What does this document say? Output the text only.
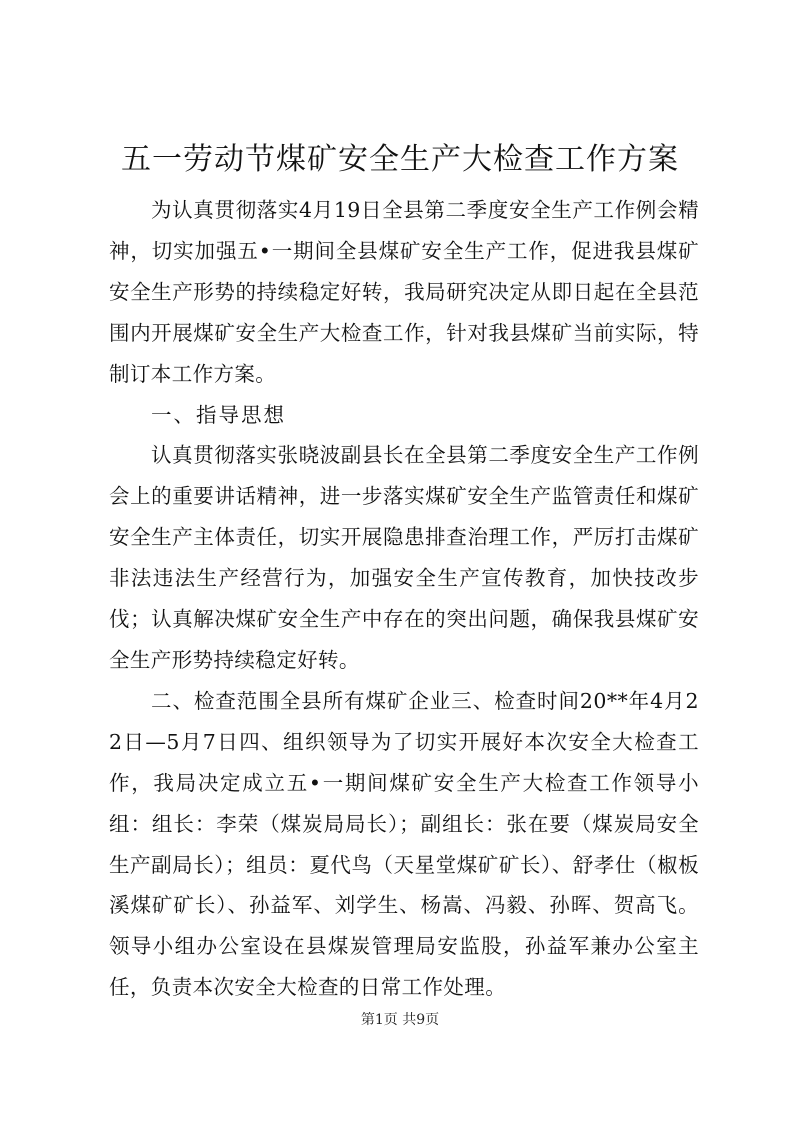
五一劳动节煤矿安全生产大检查工作方案

为认真贯彻落实4月19日全县第二季度安全生产工作例会精神，切实加强五•一期间全县煤矿安全生产工作，促进我县煤矿安全生产形势的持续稳定好转，我局研究决定从即日起在全县范围内开展煤矿安全生产大检查工作，针对我县煤矿当前实际，特制订本工作方案。

一、指导思想

认真贯彻落实张晓波副县长在全县第二季度安全生产工作例会上的重要讲话精神，进一步落实煤矿安全生产监管责任和煤矿安全生产主体责任，切实开展隐患排查治理工作，严厉打击煤矿非法违法生产经营行为，加强安全生产宣传教育，加快技改步伐；认真解决煤矿安全生产中存在的突出问题，确保我县煤矿安全生产形势持续稳定好转。

二、检查范围全县所有煤矿企业三、检查时间20**年4月22日—5月7日四、组织领导为了切实开展好本次安全大检查工作，我局决定成立五•一期间煤矿安全生产大检查工作领导小组：组长：李荣（煤炭局局长）；副组长：张在要（煤炭局安全生产副局长）；组员：夏代鸟（天星堂煤矿矿长）、舒孝仕（椒板溪煤矿矿长）、孙益军、刘学生、杨嵩、冯毅、孙晖、贺高飞。领导小组办公室设在县煤炭管理局安监股，孙益军兼办公室主任，负责本次安全大检查的日常工作处理。

第1页 共9页
